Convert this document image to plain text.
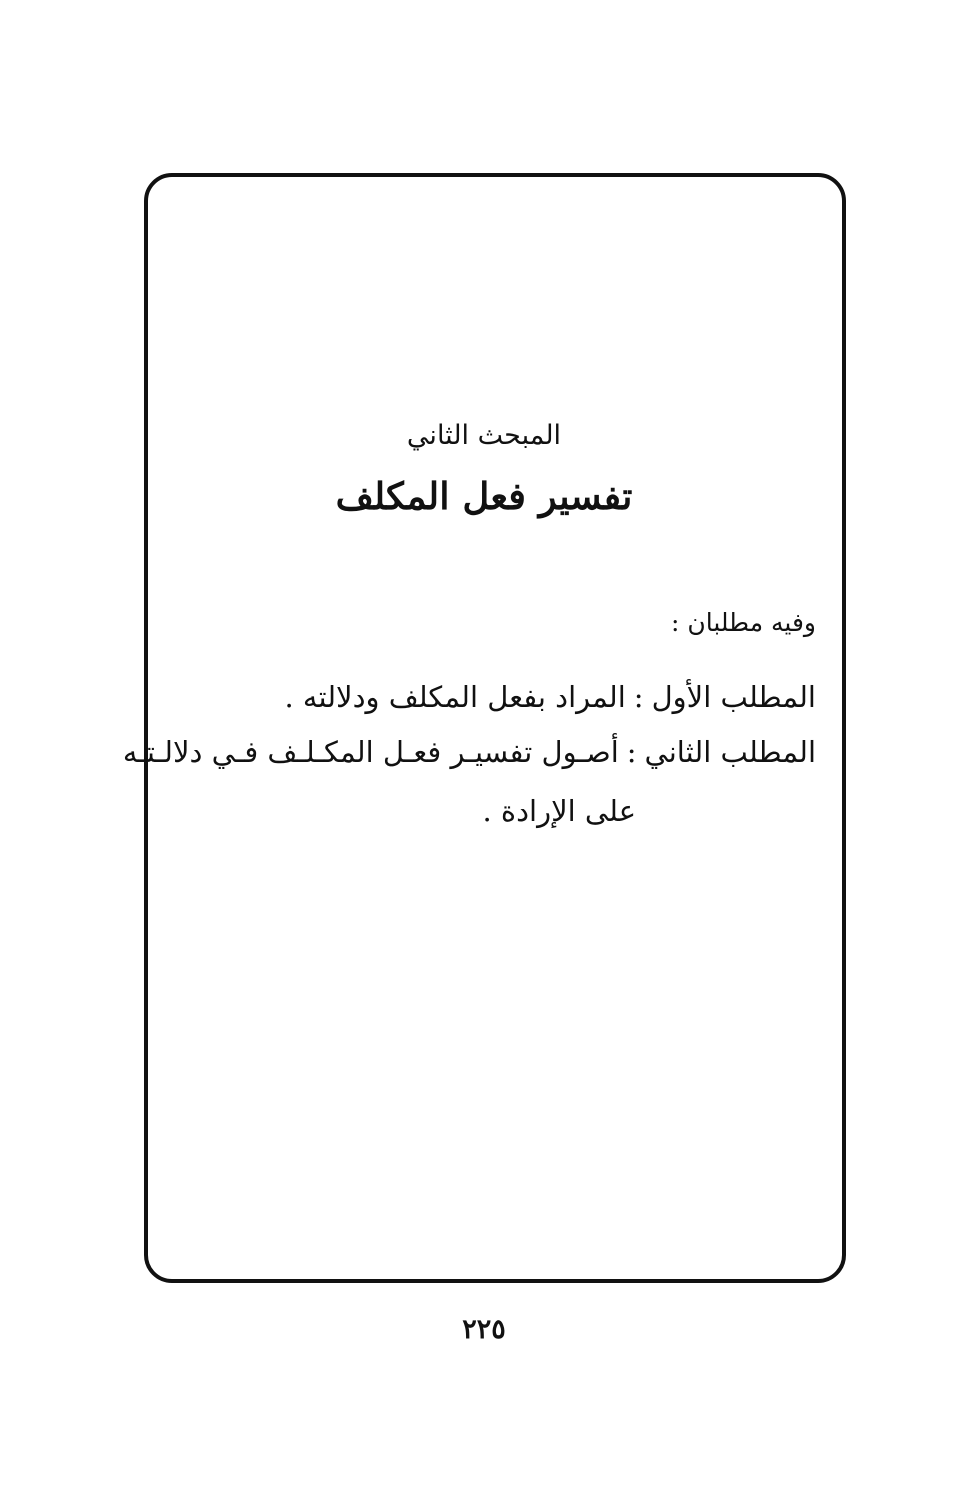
المبحث الثاني
تفسير فعل المكلف
وفيه مطلبان :
المطلب الأول:المراد بفعل المكلف ودلالته .
المطلب الثاني:أصـول تفسيـر فعـل المكـلـف فـي دلالـتـه
على الإرادة .
٢٢٥
